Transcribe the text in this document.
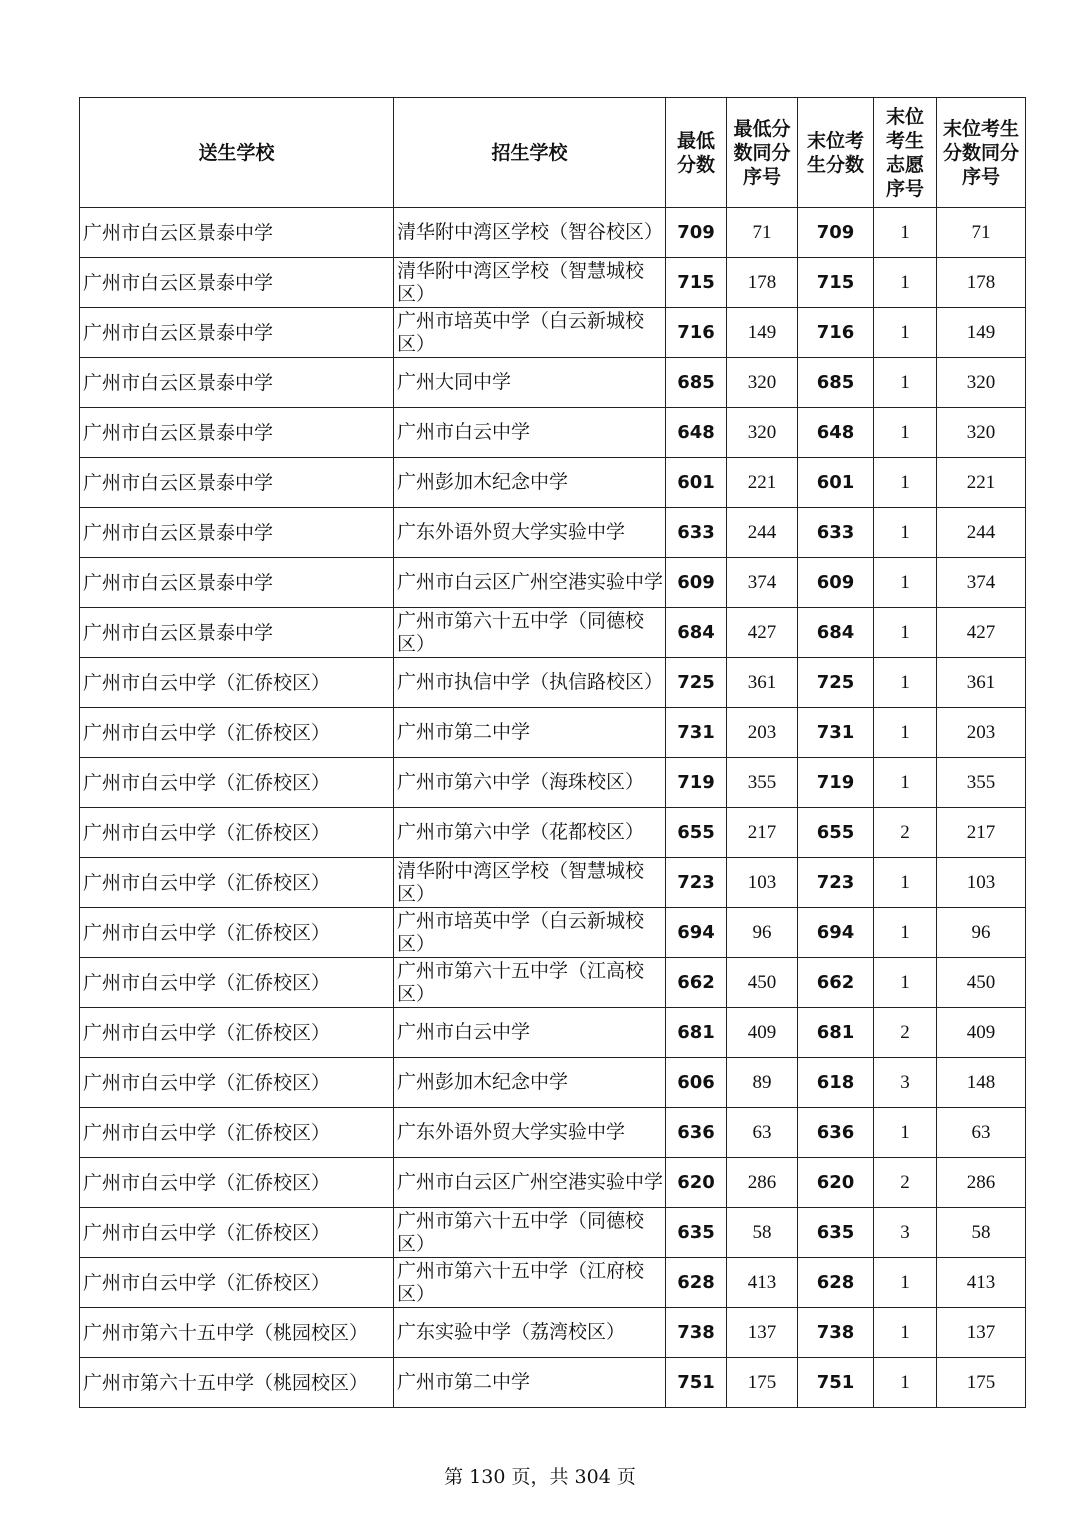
送生学校	招生学校	最低分数	最低分数同分序号	末位考生分数	末位考生志愿序号	末位考生分数同分序号
广州市白云区景泰中学	清华附中湾区学校（智谷校区）	709	71	709	1	71
广州市白云区景泰中学	清华附中湾区学校（智慧城校区）	715	178	715	1	178
广州市白云区景泰中学	广州市培英中学（白云新城校区）	716	149	716	1	149
广州市白云区景泰中学	广州大同中学	685	320	685	1	320
广州市白云区景泰中学	广州市白云中学	648	320	648	1	320
广州市白云区景泰中学	广州彭加木纪念中学	601	221	601	1	221
广州市白云区景泰中学	广东外语外贸大学实验中学	633	244	633	1	244
广州市白云区景泰中学	广州市白云区广州空港实验中学	609	374	609	1	374
广州市白云区景泰中学	广州市第六十五中学（同德校区）	684	427	684	1	427
广州市白云中学（汇侨校区）	广州市执信中学（执信路校区）	725	361	725	1	361
广州市白云中学（汇侨校区）	广州市第二中学	731	203	731	1	203
广州市白云中学（汇侨校区）	广州市第六中学（海珠校区）	719	355	719	1	355
广州市白云中学（汇侨校区）	广州市第六中学（花都校区）	655	217	655	2	217
广州市白云中学（汇侨校区）	清华附中湾区学校（智慧城校区）	723	103	723	1	103
广州市白云中学（汇侨校区）	广州市培英中学（白云新城校区）	694	96	694	1	96
广州市白云中学（汇侨校区）	广州市第六十五中学（江高校区）	662	450	662	1	450
广州市白云中学（汇侨校区）	广州市白云中学	681	409	681	2	409
广州市白云中学（汇侨校区）	广州彭加木纪念中学	606	89	618	3	148
广州市白云中学（汇侨校区）	广东外语外贸大学实验中学	636	63	636	1	63
广州市白云中学（汇侨校区）	广州市白云区广州空港实验中学	620	286	620	2	286
广州市白云中学（汇侨校区）	广州市第六十五中学（同德校区）	635	58	635	3	58
广州市白云中学（汇侨校区）	广州市第六十五中学（江府校区）	628	413	628	1	413
广州市第六十五中学（桃园校区）	广东实验中学（荔湾校区）	738	137	738	1	137
广州市第六十五中学（桃园校区）	广州市第二中学	751	175	751	1	175
第 130 页，共 304 页
